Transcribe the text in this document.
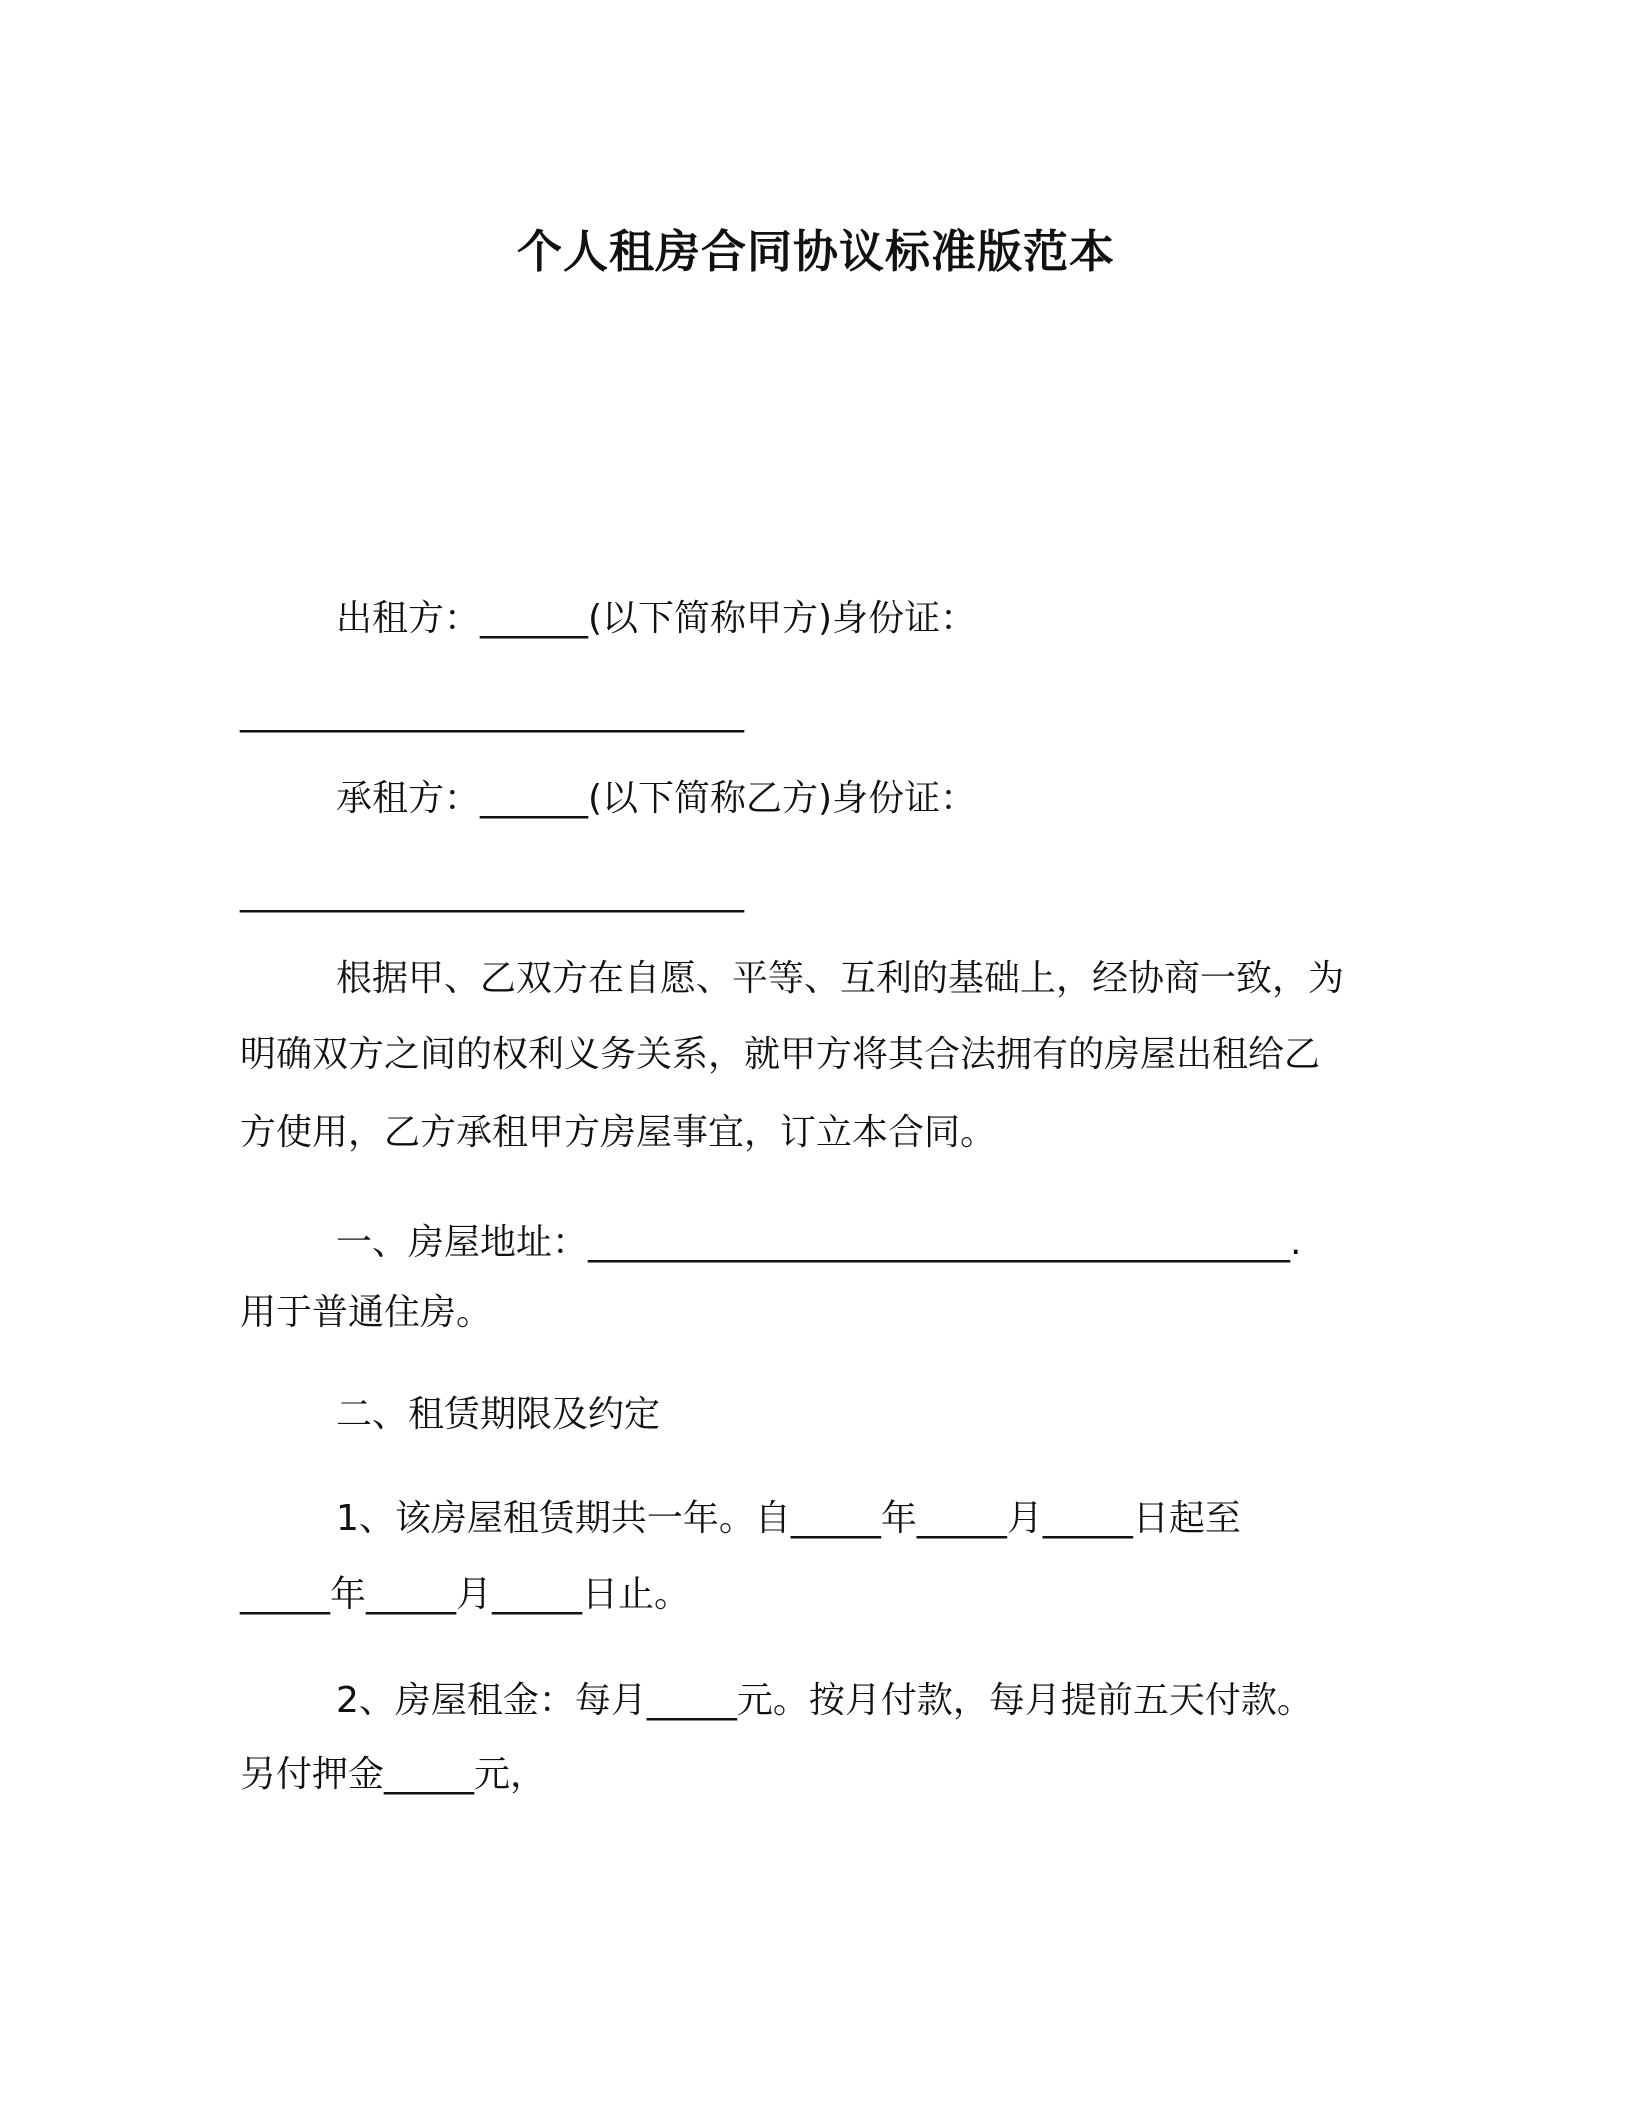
个人租房合同协议标准版范本
出租方：______(以下简称甲方)身份证：
____________________________
承租方：______(以下简称乙方)身份证：
____________________________
根据甲、乙双方在自愿、平等、互利的基础上，经协商一致，为
明确双方之间的权利义务关系，就甲方将其合法拥有的房屋出租给乙
方使用，乙方承租甲方房屋事宜，订立本合同。
一、房屋地址：_______________________________________.
用于普通住房。
二、租赁期限及约定
1、该房屋租赁期共一年。自_____年_____月_____日起至
_____年_____月_____日止。
2、房屋租金：每月_____元。按月付款，每月提前五天付款。
另付押金_____元，
